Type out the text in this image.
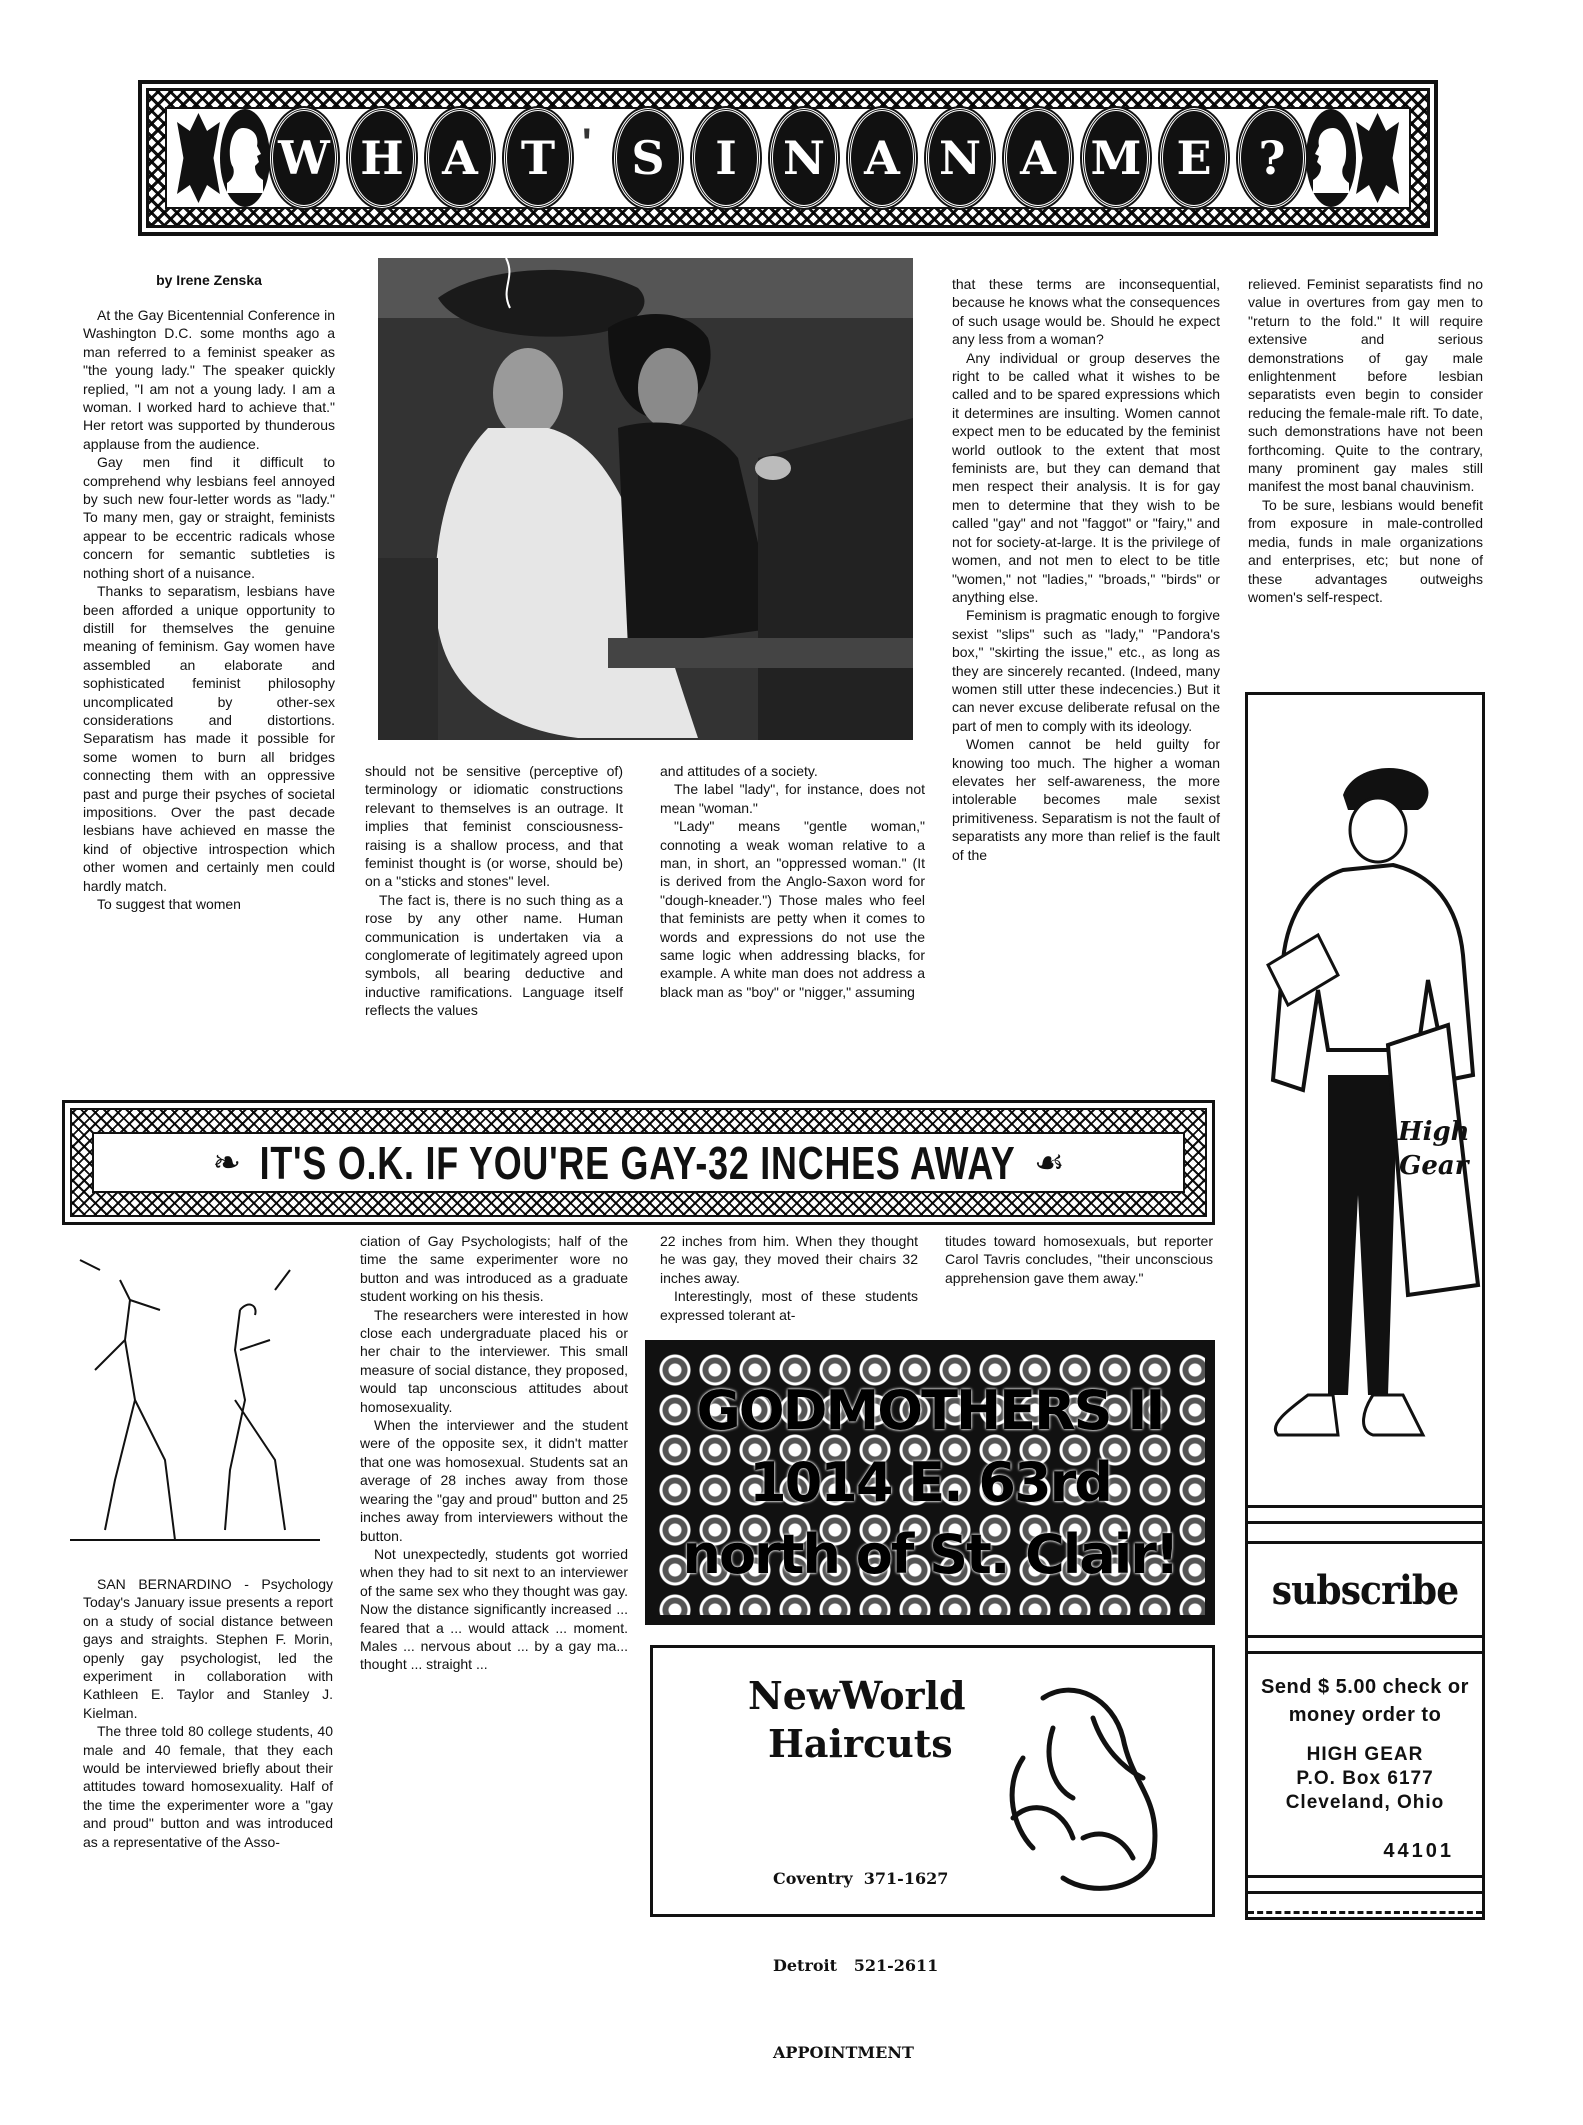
W H A T ' S	I	N A N A M E	?
by Irene Zenska

At the Gay Bicentennial Conference in Washington D.C. some months ago a man referred to a feminist speaker as "the young lady." The speaker quickly replied, "I am not a young lady. I am a woman. I worked hard to achieve that." Her retort was supported by thunderous applause from the audience.

Gay men find it difficult to comprehend why lesbians feel annoyed by such new four-letter words as "lady." To many men, gay or straight, feminists appear to be eccentric radicals whose concern for semantic subtleties is nothing short of a nuisance.

Thanks to separatism, lesbians have been afforded a unique opportunity to distill for themselves the genuine meaning of feminism. Gay women have assembled an elaborate and sophisticated feminist philosophy uncomplicated by other-sex considerations and distortions. Separatism has made it possible for some women to burn all bridges connecting them with an oppressive past and purge their psyches of societal impositions. Over the past decade lesbians have achieved en masse the kind of objective introspection which other women and certainly men could hardly match.

To suggest that women

should not be sensitive (perceptive of) terminology or idiomatic constructions relevant to themselves is an outrage. It implies that feminist consciousness-raising is a shallow process, and that feminist thought is (or worse, should be) on a "sticks and stones" level.

The fact is, there is no such thing as a rose by any other name. Human communication is undertaken via a conglomerate of legitimately agreed upon symbols, all bearing deductive and inductive ramifications. Language itself reflects the values

and attitudes of a society.

The label "lady", for instance, does not mean "woman."

"Lady" means "gentle woman," connoting a weak woman relative to a man, in short, an "oppressed woman." (It is derived from the Anglo-Saxon word for "dough-kneader.") Those males who feel that feminists are petty when it comes to words and expressions do not use the same logic when addressing blacks, for example. A white man does not address a black man as "boy" or "nigger," assuming

that these terms are inconsequential, because he knows what the consequences of such usage would be. Should he expect any less from a woman?

Any individual or group deserves the right to be called what it wishes to be called and to be spared expressions which it determines are insulting. Women cannot expect men to be educated by the feminist world outlook to the extent that most feminists are, but they can demand that men respect their analysis. It is for gay men to determine that they wish to be called "gay" and not "faggot" or "fairy," and not for society-at-large. It is the privilege of women, and not men to elect to be title "women," not "ladies," "broads," "birds" or anything else.

Feminism is pragmatic enough to forgive sexist "slips" such as "lady," "Pandora's box," "skirting the issue," etc., as long as they are sincerely recanted. (Indeed, many women still utter these indecencies.) But it can never excuse deliberate refusal on the part of men to comply with its ideology.

Women cannot be held guilty for knowing too much. The higher a woman elevates her self-awareness, the more intolerable becomes male sexist primitiveness. Separatism is not the fault of separatists any more than relief is the fault of the

relieved. Feminist separatists find no value in overtures from gay men to "return to the fold." It will require extensive and serious demonstrations of gay male enlightenment before lesbian separatists even begin to consider reducing the female-male rift. To date, such demonstrations have not been forthcoming. Quite to the contrary, many prominent gay males still manifest the most banal chauvinism.

To be sure, lesbians would benefit from exposure in male-controlled media, funds in male organizations and enterprises, etc; but none of these advantages outweighs women's self-respect.

High
Gear
subscribe
Send $ 5.00 check or money order to
HIGH GEAR
P.O. Box 6177
Cleveland, Ohio
44101
❧ IT'S O.K. IF YOU'RE GAY-32 INCHES AWAY ☙

SAN BERNARDINO - Psychology Today's January issue presents a report on a study of social distance between gays and straights. Stephen F. Morin, openly gay psychologist, led the experiment in collaboration with Kathleen E. Taylor and Stanley J. Kielman.

The three told 80 college students, 40 male and 40 female, that they each would be interviewed briefly about their attitudes toward homosexuality. Half of the time the experimenter wore a "gay and proud" button and was introduced as a representative of the Asso-

ciation of Gay Psychologists; half of the time the same experimenter wore no button and was introduced as a graduate student working on his thesis.

The researchers were interested in how close each undergraduate placed his or her chair to the interviewer. This small measure of social distance, they proposed, would tap unconscious attitudes about homosexuality.

When the interviewer and the student were of the opposite sex, it didn't matter that one was homosexual. Students sat an average of 28 inches away from those wearing the "gay and proud" button and 25 inches away from interviewers without the button.

Not unexpectedly, students got worried when they had to sit next to an interviewer of the same sex who they thought was gay. Now the distance significantly increased ... feared that a ... would attack ... moment. Males ... nervous about ... by a gay ma... thought ... straight ...

22 inches from him. When they thought he was gay, they moved their chairs 32 inches away.

Interestingly, most of these students expressed tolerant at-

titudes toward homosexuals, but reporter Carol Tavris concludes, "their unconscious apprehension gave them away."

GODMOTHERS II
1014 E. 63rd
north of St. Clair!
NewWorld
Haircuts

Coventry  371-1627

Detroit   521-2611

APPOINTMENT
